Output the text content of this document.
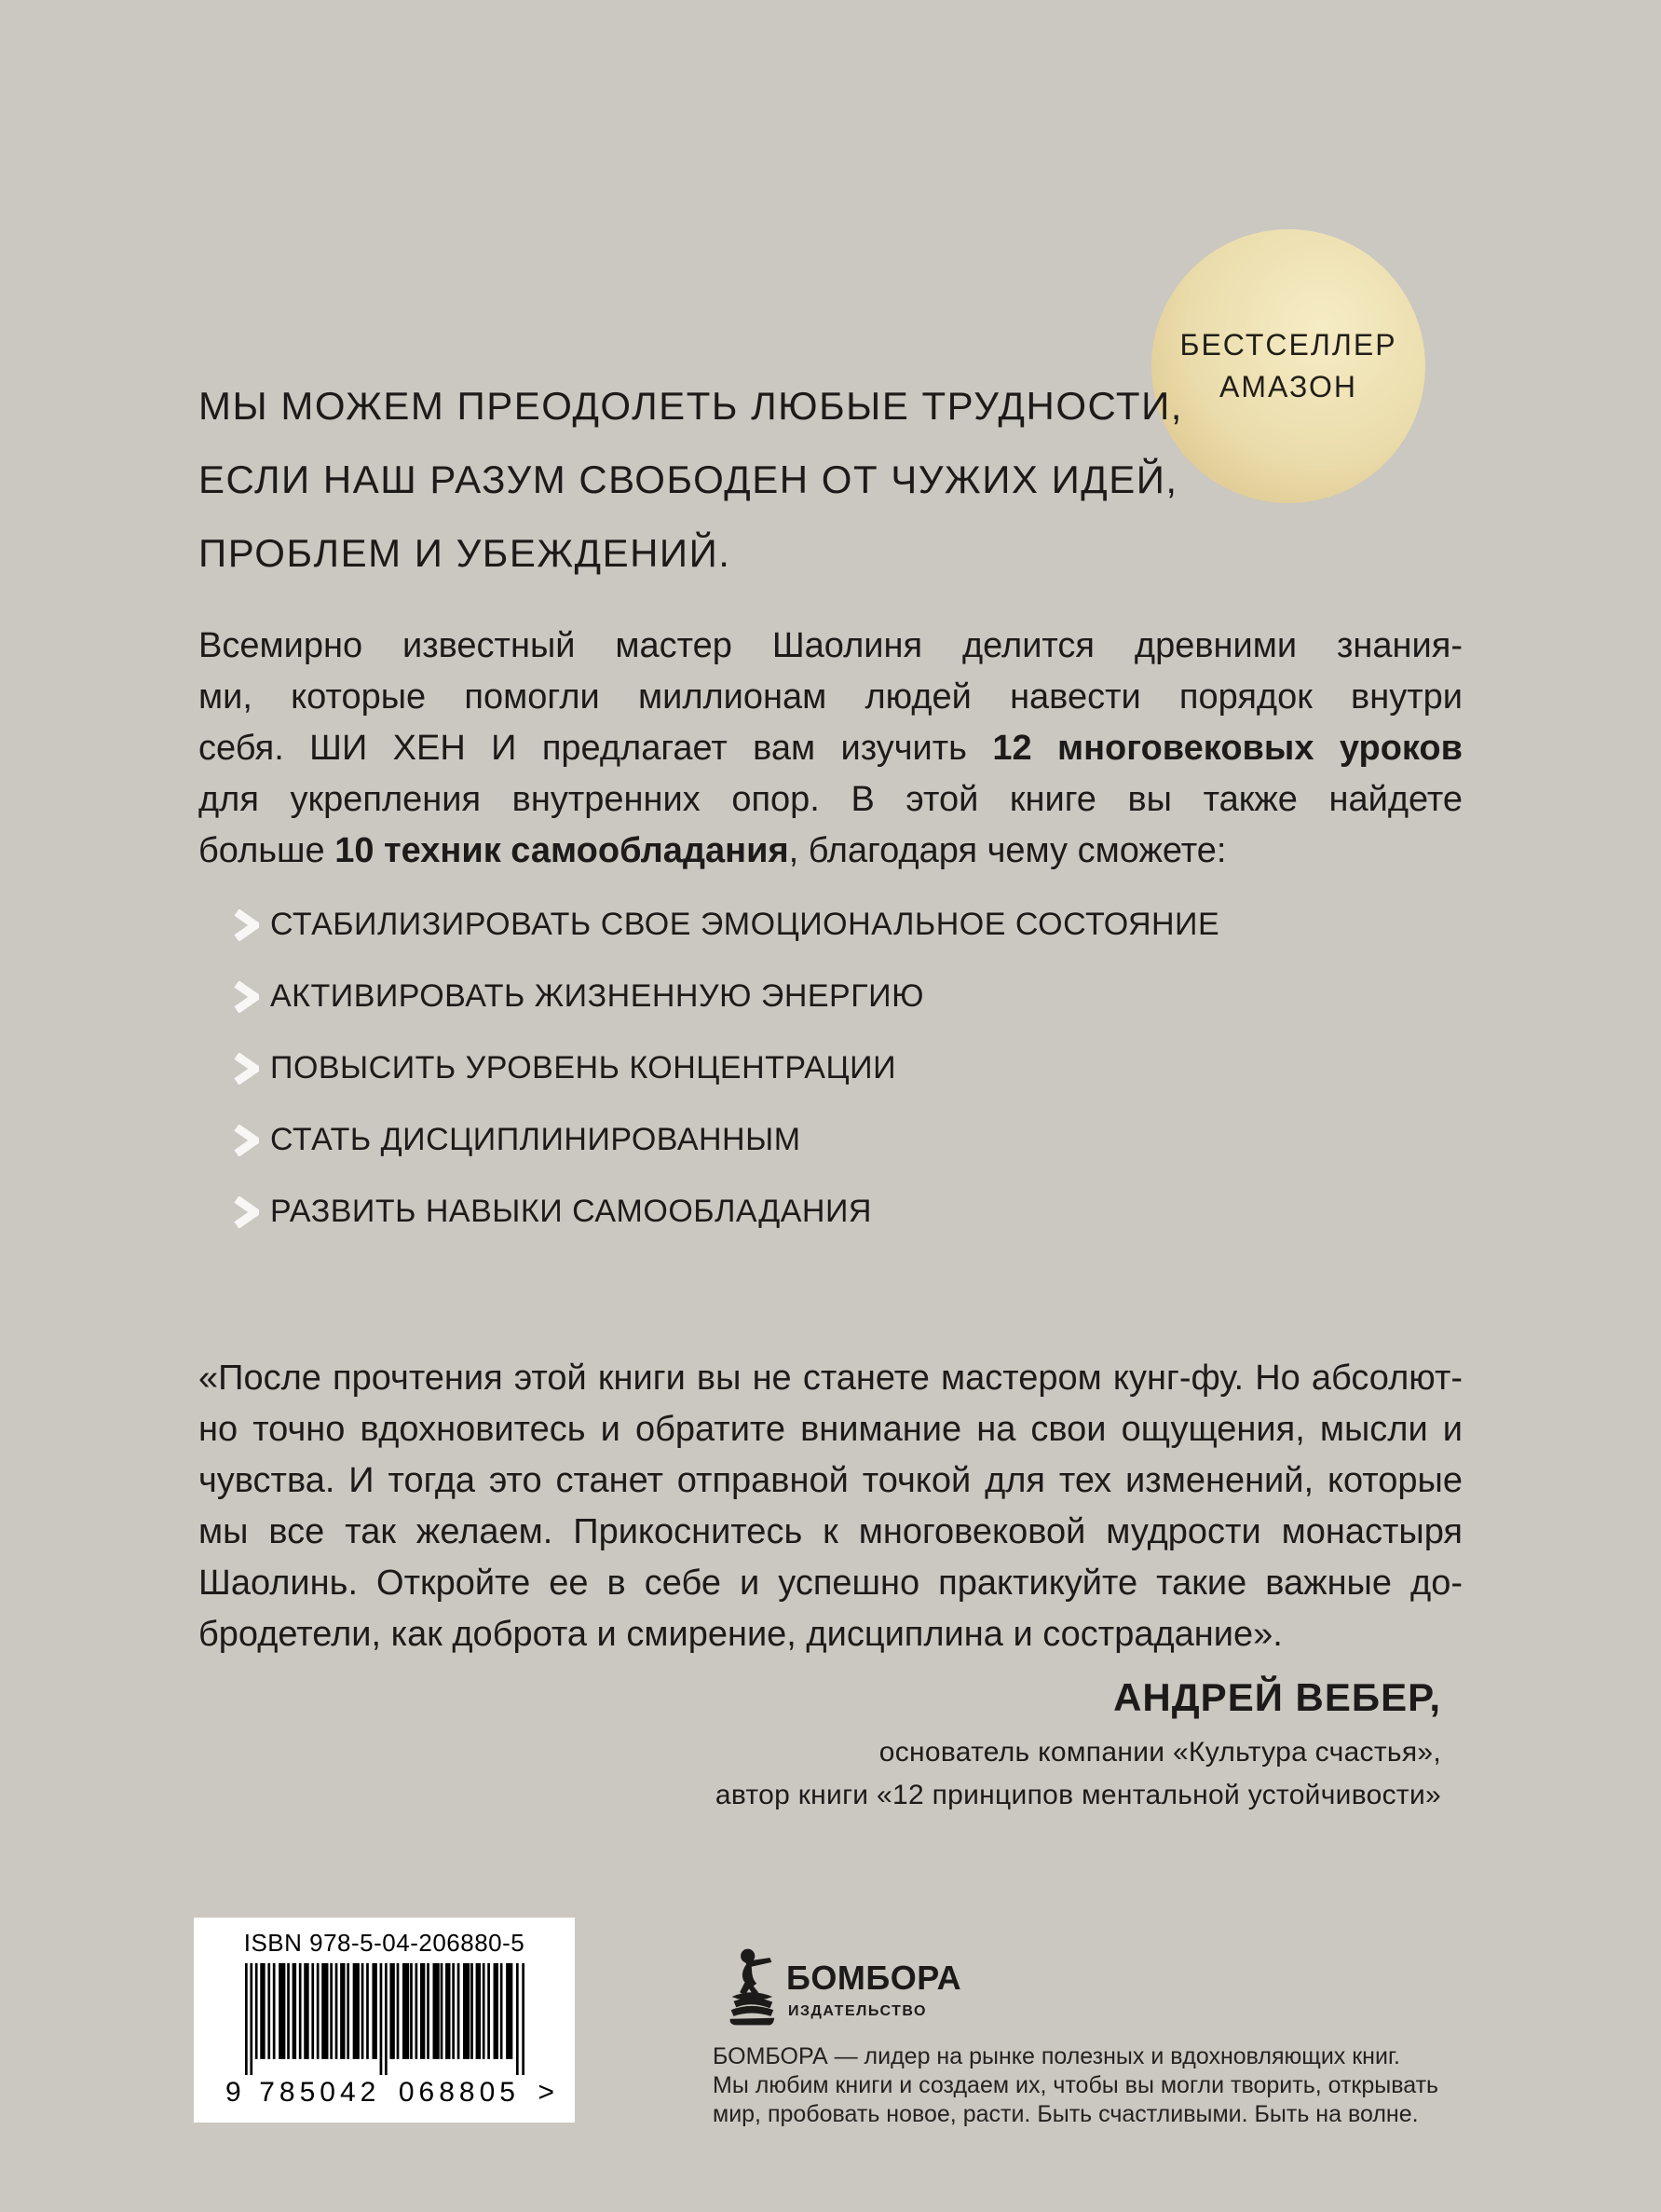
БЕСТСЕЛЛЕР
АМАЗОН
МЫ МОЖЕМ ПРЕОДОЛЕТЬ ЛЮБЫЕ ТРУДНОСТИ,
ЕСЛИ НАШ РАЗУМ СВОБОДЕН ОТ ЧУЖИХ ИДЕЙ,
ПРОБЛЕМ И УБЕЖДЕНИЙ.
Всемирно известный мастер Шаолиня делится древними знания-
ми, которые помогли миллионам людей навести порядок внутри
себя. ШИ ХЕН И предлагает вам изучить 12 многовековых уроков
для укрепления внутренних опор. В этой книге вы также найдете
больше 10 техник самообладания, благодаря чему сможете:
СТАБИЛИЗИРОВАТЬ СВОЕ ЭМОЦИОНАЛЬНОЕ СОСТОЯНИЕ
АКТИВИРОВАТЬ ЖИЗНЕННУЮ ЭНЕРГИЮ
ПОВЫСИТЬ УРОВЕНЬ КОНЦЕНТРАЦИИ
СТАТЬ ДИСЦИПЛИНИРОВАННЫМ
РАЗВИТЬ НАВЫКИ САМООБЛАДАНИЯ
«После прочтения этой книги вы не станете мастером кунг-фу. Но абсолют-
но точно вдохновитесь и обратите внимание на свои ощущения, мысли и
чувства. И тогда это станет отправной точкой для тех изменений, которые
мы все так желаем. Прикоснитесь к многовековой мудрости монастыря
Шаолинь. Откройте ее в себе и успешно практикуйте такие важные до-
бродетели, как доброта и смирение, дисциплина и сострадание».
АНДРЕЙ ВЕБЕР,
основатель компании «Культура счастья»,
автор книги «12 принципов ментальной устойчивости»
ISBN 978-5-04-206880-5
9 785042 068805 >
БОМБОРА
ИЗДАТЕЛЬСТВО
БОМБОРА — лидер на рынке полезных и вдохновляющих книг.
Мы любим книги и создаем их, чтобы вы могли творить, открывать
мир, пробовать новое, расти. Быть счастливыми. Быть на волне.
